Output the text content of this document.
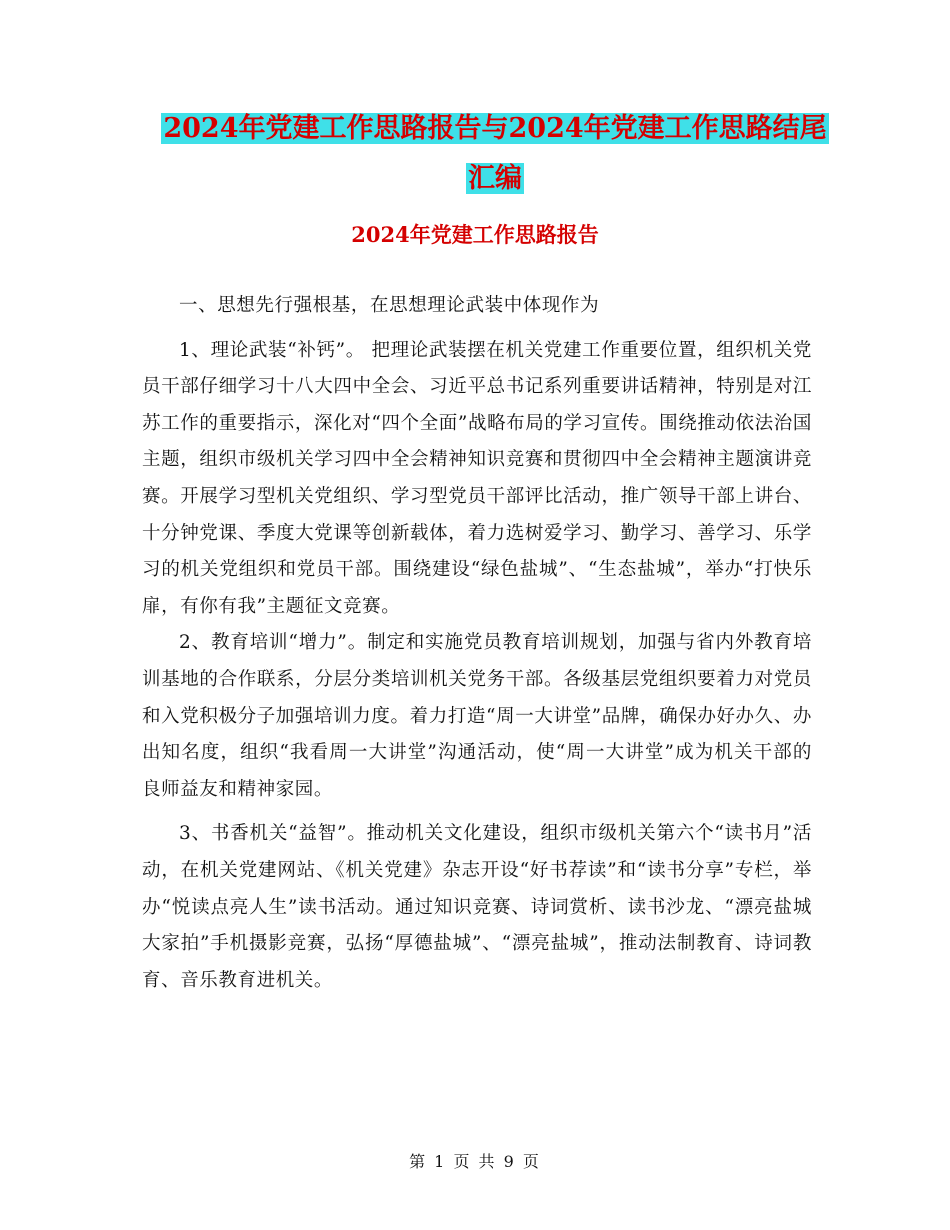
2024年党建工作思路报告与2024年党建工作思路结尾
汇编
2024年党建工作思路报告

一、思想先行强根基，在思想理论武装中体现作为

1、理论武装“补钙”。 把理论武装摆在机关党建工作重要位置，组织机关党员干部仔细学习十八大四中全会、习近平总书记系列重要讲话精神，特别是对江苏工作的重要指示，深化对“四个全面”战略布局的学习宣传。围绕推动依法治国主题，组织市级机关学习四中全会精神知识竞赛和贯彻四中全会精神主题演讲竞赛。开展学习型机关党组织、学习型党员干部评比活动，推广领导干部上讲台、十分钟党课、季度大党课等创新载体，着力选树爱学习、勤学习、善学习、乐学习的机关党组织和党员干部。围绕建设“绿色盐城”、“生态盐城”，举办“打快乐扉，有你有我”主题征文竞赛。

2、教育培训“增力”。制定和实施党员教育培训规划，加强与省内外教育培训基地的合作联系，分层分类培训机关党务干部。各级基层党组织要着力对党员和入党积极分子加强培训力度。着力打造“周一大讲堂”品牌，确保办好办久、办出知名度，组织“我看周一大讲堂”沟通活动，使“周一大讲堂”成为机关干部的良师益友和精神家园。

3、书香机关“益智”。推动机关文化建设，组织市级机关第六个“读书月”活动，在机关党建网站、《机关党建》杂志开设“好书荐读”和“读书分享”专栏，举办“悦读点亮人生”读书活动。通过知识竞赛、诗词赏析、读书沙龙、“漂亮盐城大家拍”手机摄影竞赛，弘扬“厚德盐城”、“漂亮盐城”，推动法制教育、诗词教育、音乐教育进机关。

第 1 页 共 9 页
